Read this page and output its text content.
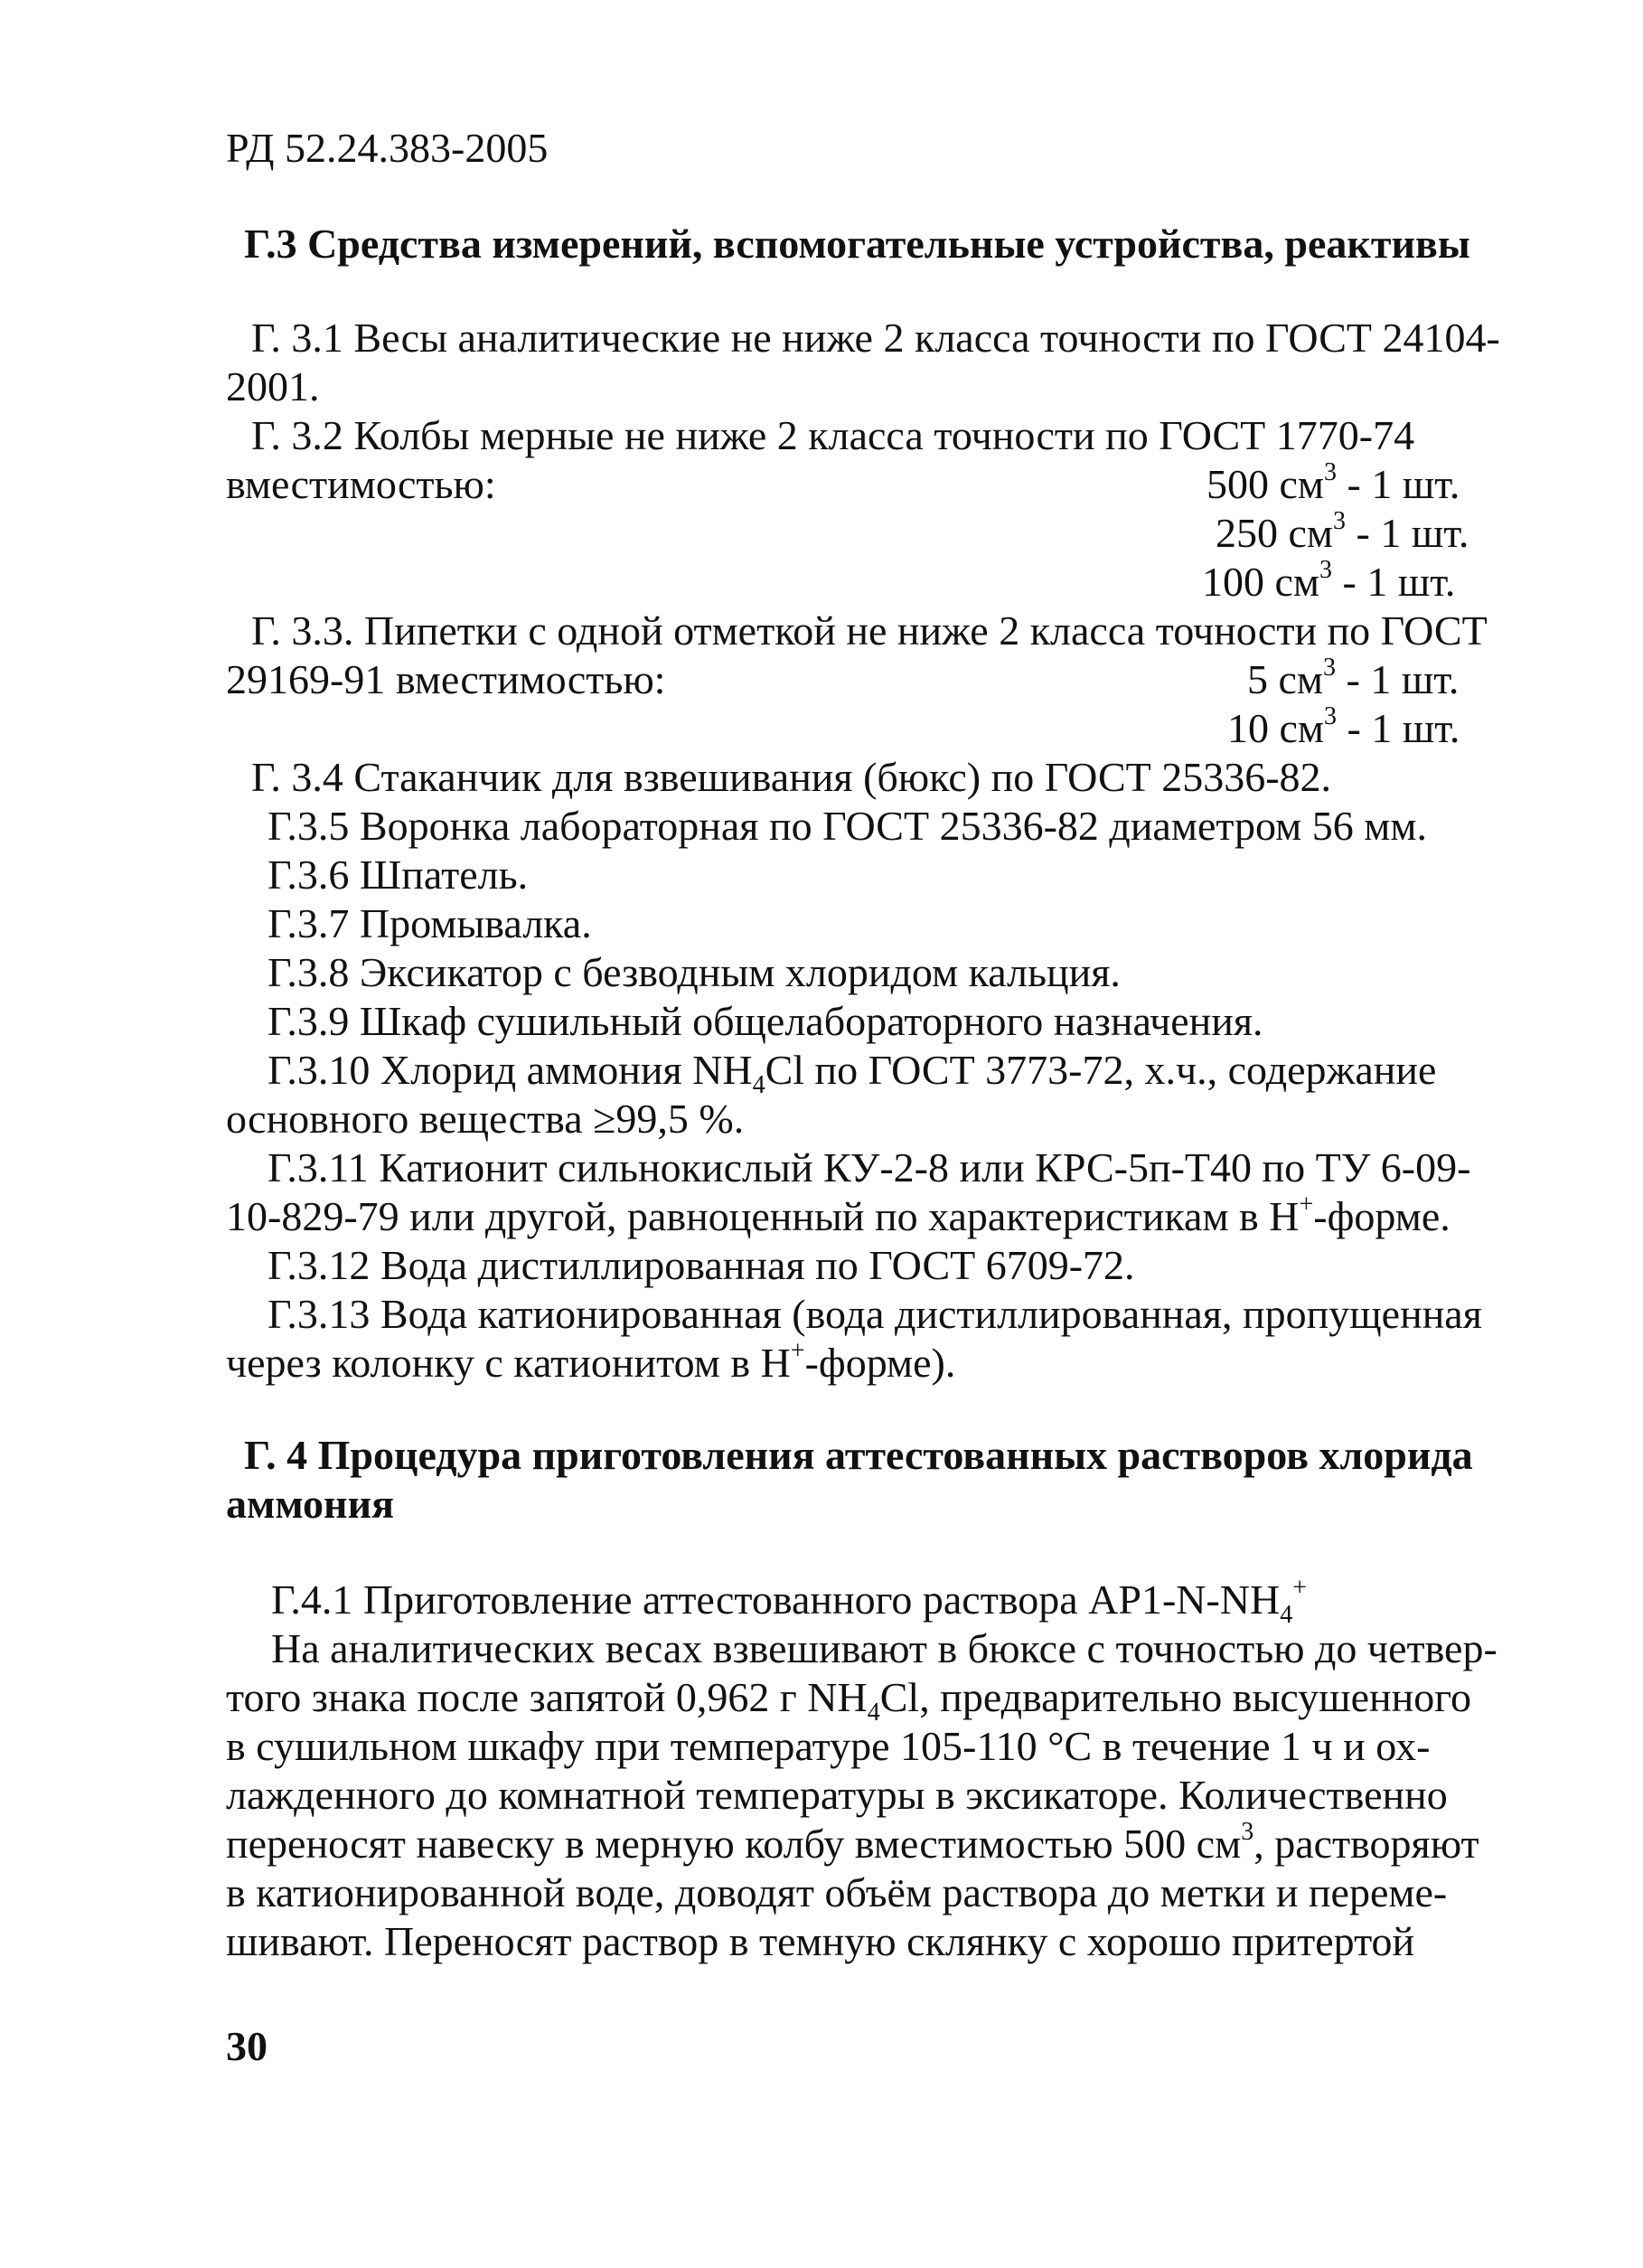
РД 52.24.383-2005
Г.3 Средства измерений, вспомогательные устройства, реактивы
Г. 3.1 Весы аналитические не ниже 2 класса точности по ГОСТ 24104-
2001.
Г. 3.2 Колбы мерные не ниже 2 класса точности по ГОСТ 1770-74
вместимостью:	500 $см^3 - 1$ шт.
250 $см^3 - 1$ шт.
100 $см^3 - 1$ шт.
Г. 3.3. Пипетки с одной отметкой не ниже 2 класса точности по ГОСТ
29169-91 вместимостью:	5 $см^3 - 1$ шт.
10 $см^3 - 1$ шт.
Г. 3.4 Стаканчик для взвешивания (бюкс) по ГОСТ 25336-82.
Г.3.5 Воронка лабораторная по ГОСТ 25336-82 диаметром 56 мм.
Г.3.6 Шпатель.
Г.3.7 Промывалка.
Г.3.8 Эксикатор с безводным хлоридом кальция.
Г.3.9 Шкаф сушильный общелабораторного назначения.
Г.3.10 Хлорид аммония $NH_4Cl$ по ГОСТ 3773-72, х.ч., содержание
основного вещества ≥99,5 %.
Г.3.11 Катионит сильнокислый КУ-2-8 или КРС-5п-Т40 по ТУ 6-09-
10-829-79 или другой, равноценный по характеристикам в Н+-форме.
Г.3.12 Вода дистиллированная по ГОСТ 6709-72.
Г.3.13 Вода катионированная (вода дистиллированная, пропущенная
через колонку с катионитом в Н+-форме).
Г. 4 Процедура приготовления аттестованных растворов хлорида
аммония
Г.4.1 Приготовление аттестованного раствора $АР1-N-NH_4^+$
На аналитических весах взвешивают в бюксе с точностью до четвер-
того знака после запятой 0,962 г $NH_4Cl$, предварительно высушенного
в сушильном шкафу при температуре 105-110 °С в течение 1 ч и ох-
лажденного до комнатной температуры в эксикаторе. Количественно
переносят навеску в мерную колбу вместимостью 500 $см^3$, растворяют
в катионированной воде, доводят объём раствора до метки и переме-
шивают. Переносят раствор в темную склянку с хорошо притертой
30
